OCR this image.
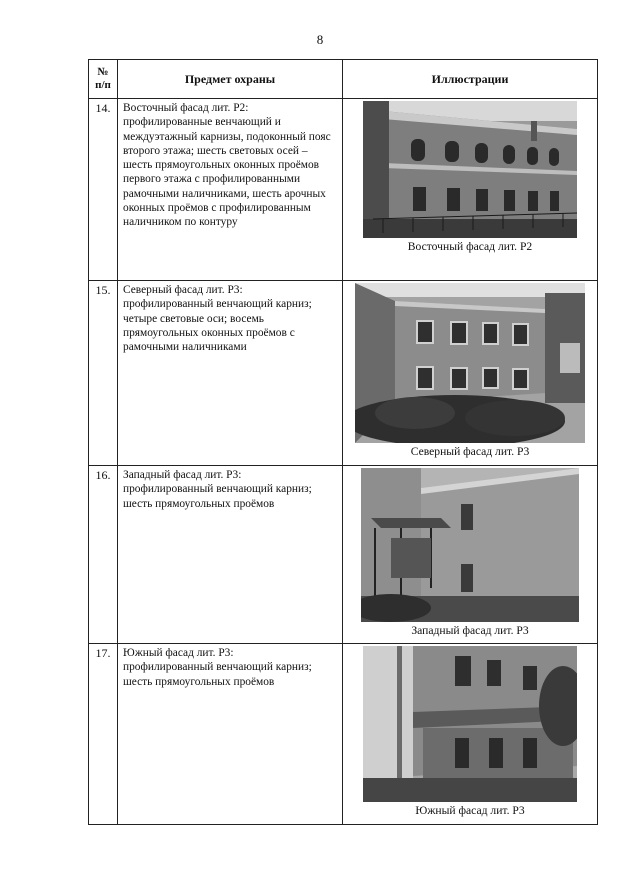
8
№
п/п	Предмет охраны	Иллюстрации
14.	Восточный фасад лит. Р2:
профилированные венчающий и междуэтажный карнизы, подоконный пояс второго этажа; шесть световых осей – шесть прямоугольных оконных проёмов первого этажа с профилированными рамочными наличниками, шесть арочных оконных проёмов с профилированным наличником по контуру	Восточный фасад лит. Р2

15.	Северный фасад лит. Р3:
профилированный венчающий карниз; четыре световые оси; восемь прямоугольных оконных проёмов с рамочными наличниками	Северный фасад лит. Р3

16.	Западный фасад лит. Р3:
профилированный венчающий карниз; шесть прямоугольных проёмов	Западный фасад лит. Р3

17.	Южный фасад лит. Р3:
профилированный венчающий карниз; шесть прямоугольных проёмов	Южный фасад лит. Р3
